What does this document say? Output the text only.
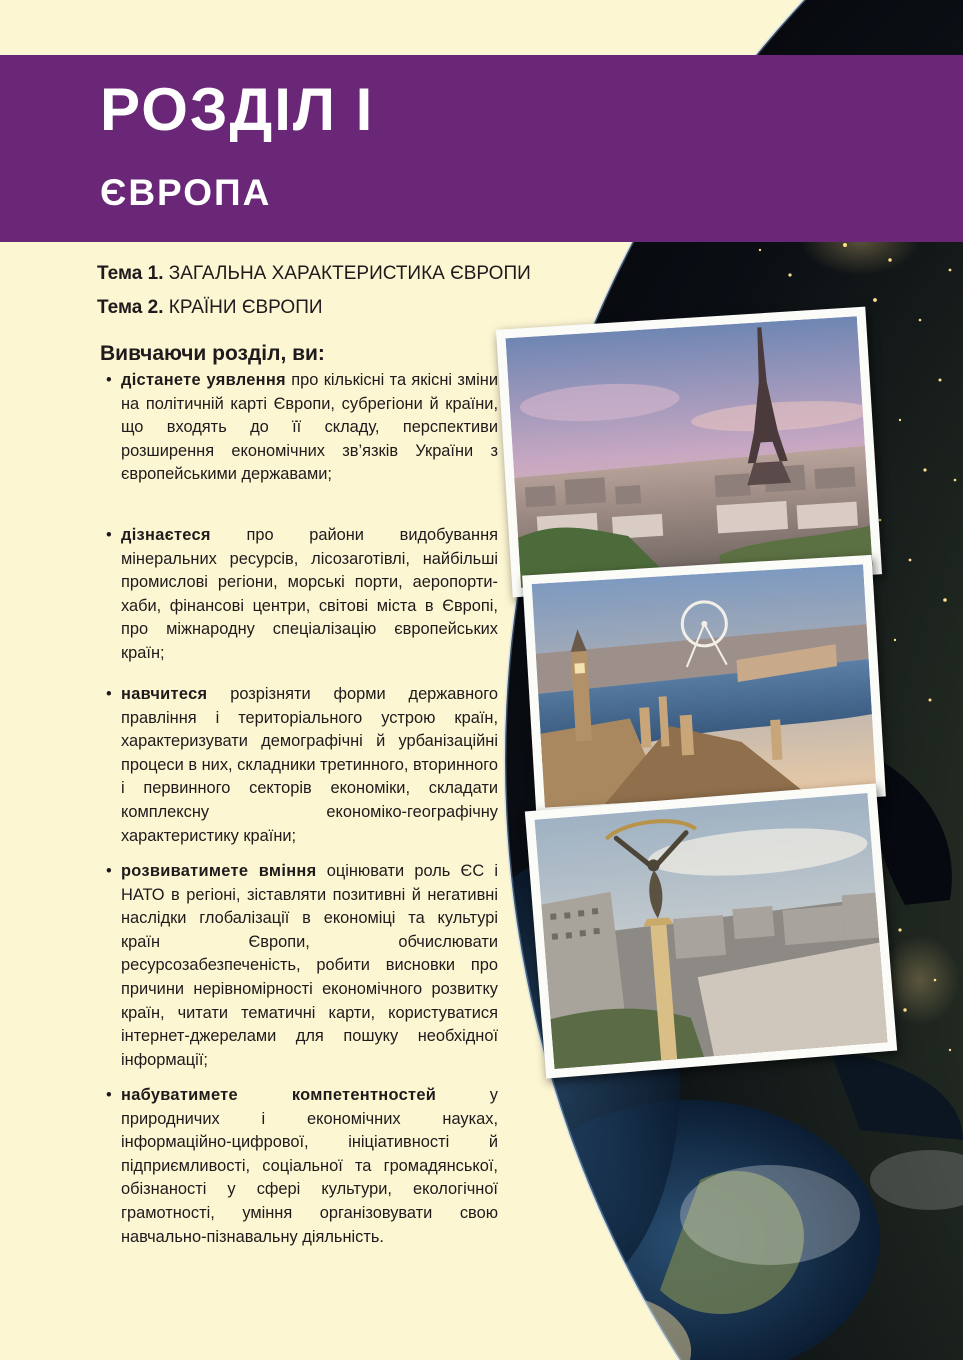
РОЗДІЛ І
ЄВРОПА
Тема 1. ЗАГАЛЬНА ХАРАКТЕРИСТИКА ЄВРОПИ
Тема 2. КРАЇНИ ЄВРОПИ

Вивчаючи розділ, ви:

• дістанете уявлення про кількісні та якісні зміни на політичній карті Європи, субрегіони й країни, що входять до її складу, перспективи розширення економічних зв’язків України з європейськими державами;
• дізнаєтеся про райони видобування мінеральних ресурсів, лісозаготівлі, найбільші промислові регіони, морські порти, аеропорти-хаби, фінансові центри, світові міста в Європі, про міжнародну спеціалізацію європейських країн;
• навчитеся розрізняти форми державного правління і територіального устрою країн, характеризувати демографічні й урбанізаційні процеси в них, складники третинного, вторинного і первинного секторів економіки, складати комплексну економіко-географічну характеристику країни;
• розвиватимете вміння оцінювати роль ЄС і НАТО в регіоні, зіставляти позитивні й негативні наслідки глобалізації в економіці та культурі країн Європи, обчислювати ресурсозабезпеченість, робити висновки про причини нерівномірності економічного розвитку країн, читати тематичні карти, користуватися інтернет-джерелами для пошуку необхідної інформації;
• набуватимете компетентностей	у природничих і економічних науках, інформаційно-цифрової, ініціативності й підприємливості, соціальної та громадянської, обізнаності у сфері культури, екологічної грамотності, уміння організовувати свою навчально-пізнавальну діяльність.
